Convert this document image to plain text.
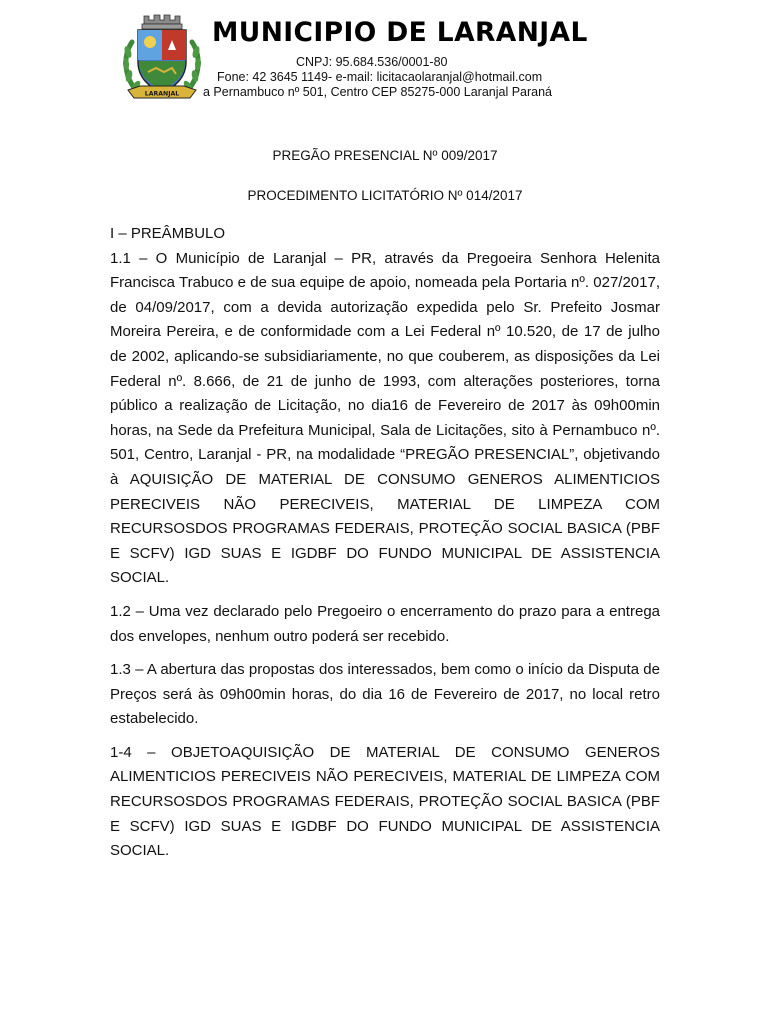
LARANJAL
MUNICIPIO DE LARANJAL
CNPJ: 95.684.536/0001-80
Fone: 42 3645 1149- e-mail: licitacaolaranjal@hotmail.com
a Pernambuco nº 501, Centro CEP 85275-000 Laranjal Paraná
PREGÃO PRESENCIAL Nº 009/2017
PROCEDIMENTO LICITATÓRIO Nº 014/2017

I – PREÂMBULO

1.1 – O Município de Laranjal – PR, através da Pregoeira Senhora Helenita Francisca Trabuco e de sua equipe de apoio, nomeada pela Portaria nº. 027/2017, de 04/09/2017, com a devida autorização expedida pelo Sr. Prefeito Josmar Moreira Pereira, e de conformidade com a Lei Federal nº 10.520, de 17 de julho de 2002, aplicando-se subsidiariamente, no que couberem, as disposições da Lei Federal nº. 8.666, de 21 de junho de 1993, com alterações posteriores, torna público a realização de Licitação, no dia16 de Fevereiro de 2017 às 09h00min horas, na Sede da Prefeitura Municipal, Sala de Licitações, sito à Pernambuco nº. 501, Centro, Laranjal - PR, na modalidade “PREGÃO PRESENCIAL”, objetivando à AQUISIÇÃO DE MATERIAL DE CONSUMO GENEROS ALIMENTICIOS PERECIVEIS NÃO PERECIVEIS, MATERIAL DE LIMPEZA COM RECURSOSDOS PROGRAMAS FEDERAIS, PROTEÇÃO SOCIAL BASICA (PBF E SCFV) IGD SUAS E IGDBF DO FUNDO MUNICIPAL DE ASSISTENCIA SOCIAL.

1.2 – Uma vez declarado pelo Pregoeiro o encerramento do prazo para a entrega dos envelopes, nenhum outro poderá ser recebido.

1.3 – A abertura das propostas dos interessados, bem como o início da Disputa de Preços será às 09h00min horas, do dia 16 de Fevereiro de 2017, no local retro estabelecido.

1-4 – OBJETOAQUISIÇÃO DE MATERIAL DE CONSUMO GENEROS ALIMENTICIOS PERECIVEIS NÃO PERECIVEIS, MATERIAL DE LIMPEZA COM RECURSOSDOS PROGRAMAS FEDERAIS, PROTEÇÃO SOCIAL BASICA (PBF E SCFV) IGD SUAS E IGDBF DO FUNDO MUNICIPAL DE ASSISTENCIA SOCIAL.
